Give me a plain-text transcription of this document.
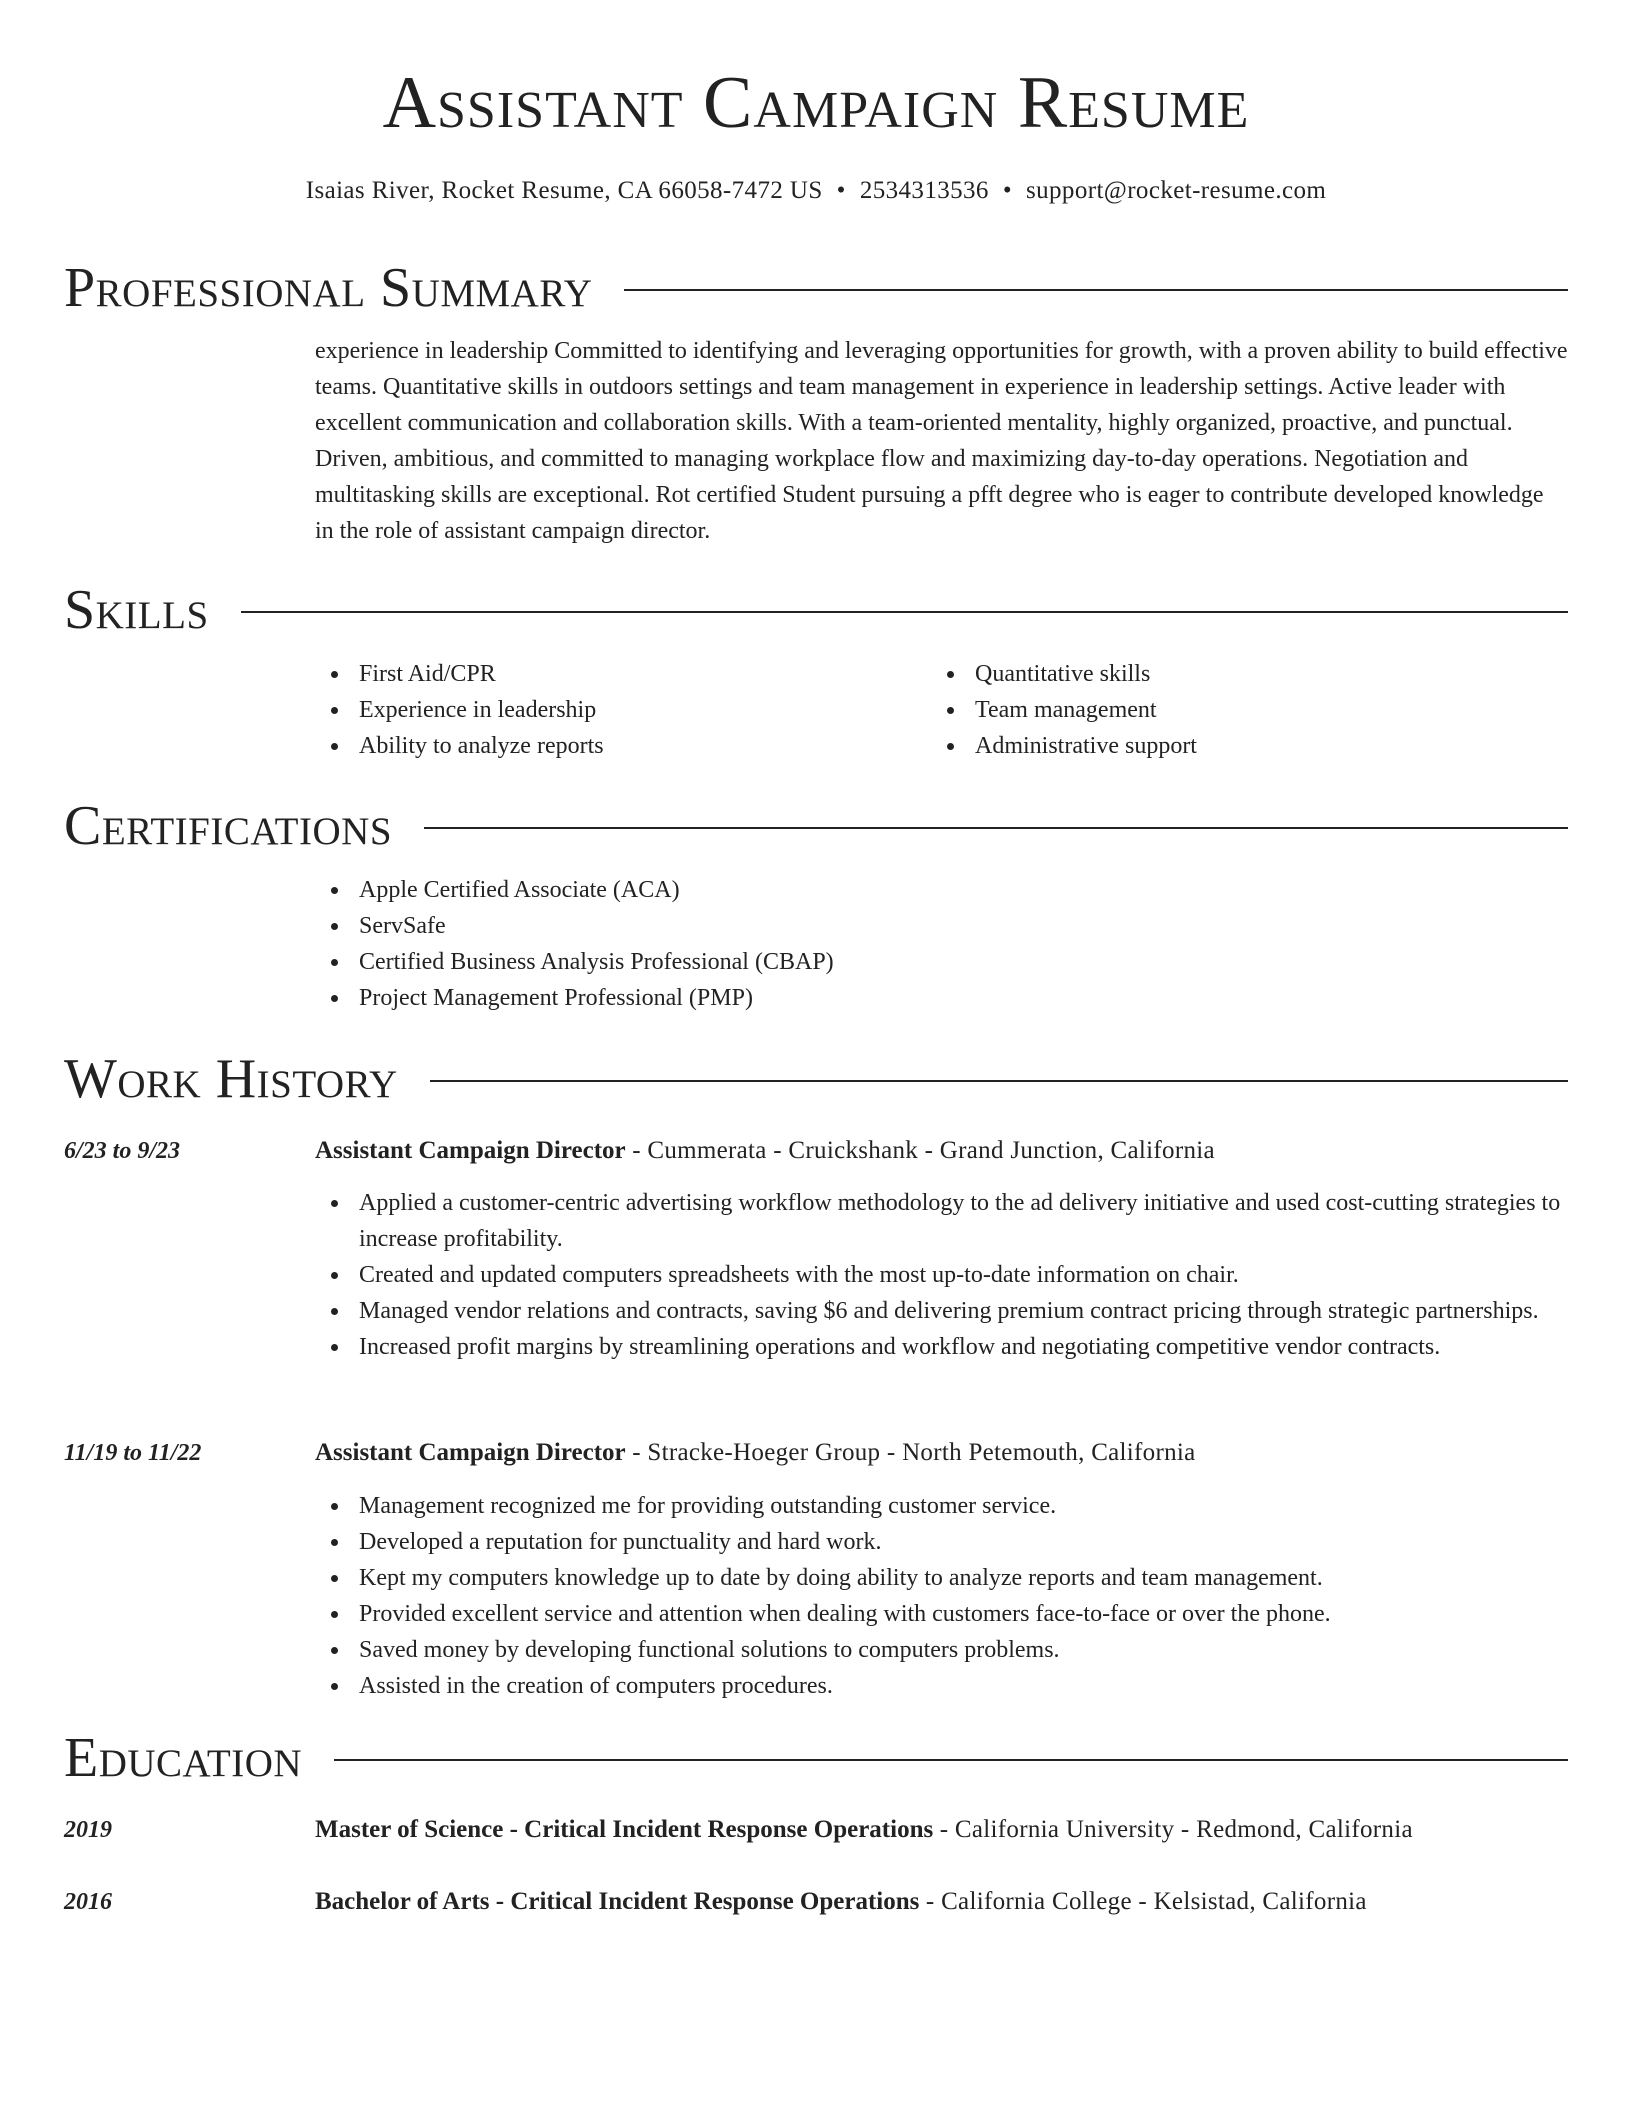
Assistant Campaign Resume
Isaias River, Rocket Resume, CA 66058-7472 US • 2534313536 • support@rocket-resume.com
Professional Summary

experience in leadership Committed to identifying and leveraging opportunities for growth, with a proven ability to build effective teams. Quantitative skills in outdoors settings and team management in experience in leadership settings. Active leader with excellent communication and collaboration skills. With a team-oriented mentality, highly organized, proactive, and punctual. Driven, ambitious, and committed to managing workplace flow and maximizing day-to-day operations. Negotiation and multitasking skills are exceptional. Rot certified Student pursuing a pfft degree who is eager to contribute developed knowledge in the role of assistant campaign director.

Skills
First Aid/CPR
Experience in leadership
Ability to analyze reports
Quantitative skills
Team management
Administrative support
Certifications
Apple Certified Associate (ACA)
ServSafe
Certified Business Analysis Professional (CBAP)
Project Management Professional (PMP)
Work History
6/23 to 9/23	Assistant Campaign Director - Cummerata - Cruickshank - Grand Junction, California
Applied a customer-centric advertising workflow methodology to the ad delivery initiative and used cost-cutting strategies to increase profitability.
Created and updated computers spreadsheets with the most up-to-date information on chair.
Managed vendor relations and contracts, saving $6 and delivering premium contract pricing through strategic partnerships.
Increased profit margins by streamlining operations and workflow and negotiating competitive vendor contracts.
11/19 to 11/22	Assistant Campaign Director - Stracke-Hoeger Group - North Petemouth, California
Management recognized me for providing outstanding customer service.
Developed a reputation for punctuality and hard work.
Kept my computers knowledge up to date by doing ability to analyze reports and team management.
Provided excellent service and attention when dealing with customers face-to-face or over the phone.
Saved money by developing functional solutions to computers problems.
Assisted in the creation of computers procedures.
Education
2019	Master of Science - Critical Incident Response Operations - California University - Redmond, California
2016	Bachelor of Arts - Critical Incident Response Operations - California College - Kelsistad, California
